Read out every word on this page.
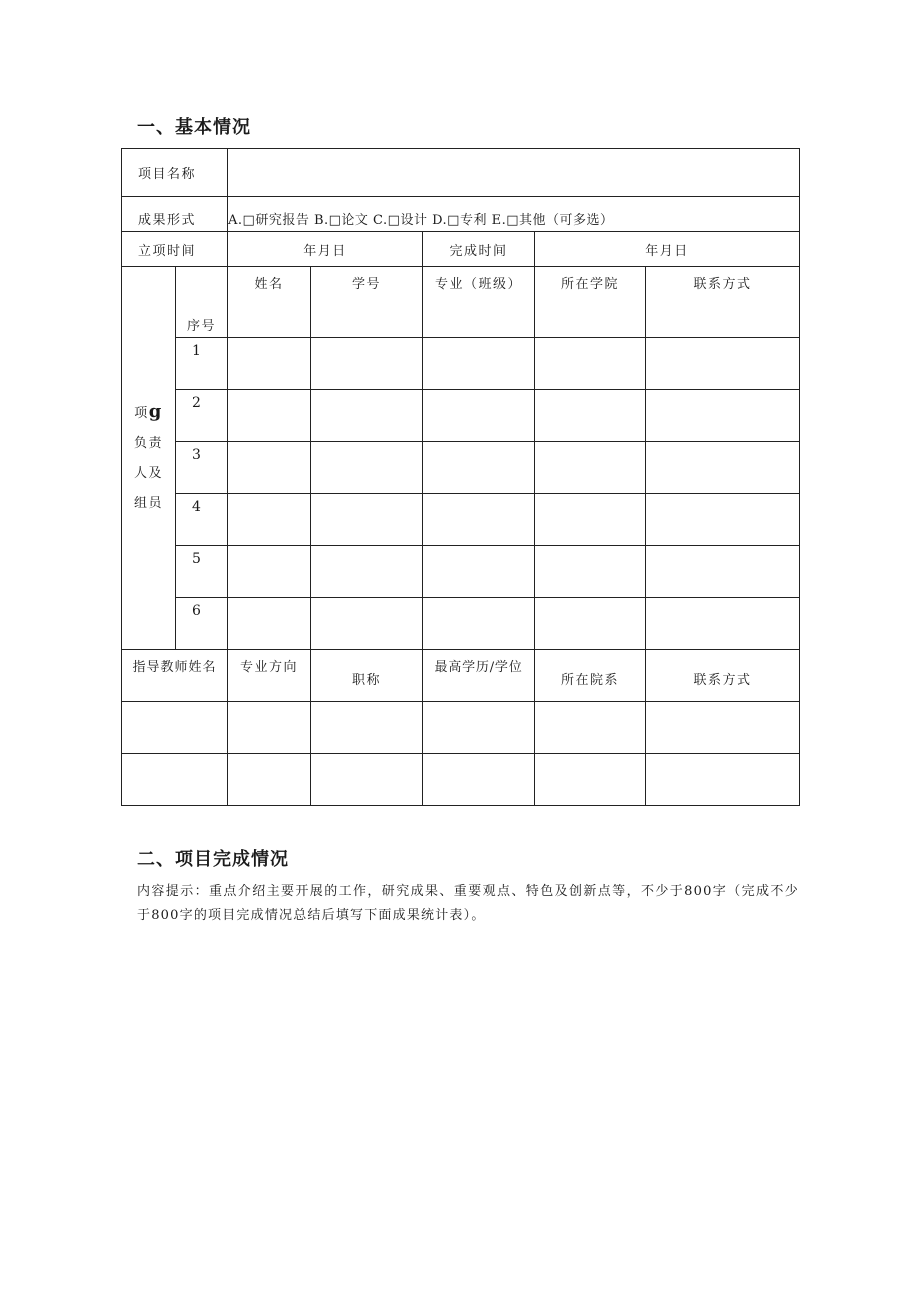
一、基本情况
项目名称						
成果形式		A.□研究报告 B.□论文 C.□设计 D.□专利 E.□其他（可多选）				
立项时间		年月日		完成时间	年月日	

项g
负责
人及
组员	序号	姓名	学号	专业（班级）	所在学院	联系方式
	1					
	2					
	3					
	4					
	5					
	6					
指导教师姓名		专业方向	职称	最高学历/学位	所在院系	联系方式

二、项目完成情况
内容提示：重点介绍主要开展的工作，研究成果、重要观点、特色及创新点等，不少于800字（完成不少于800字的项目完成情况总结后填写下面成果统计表）。
